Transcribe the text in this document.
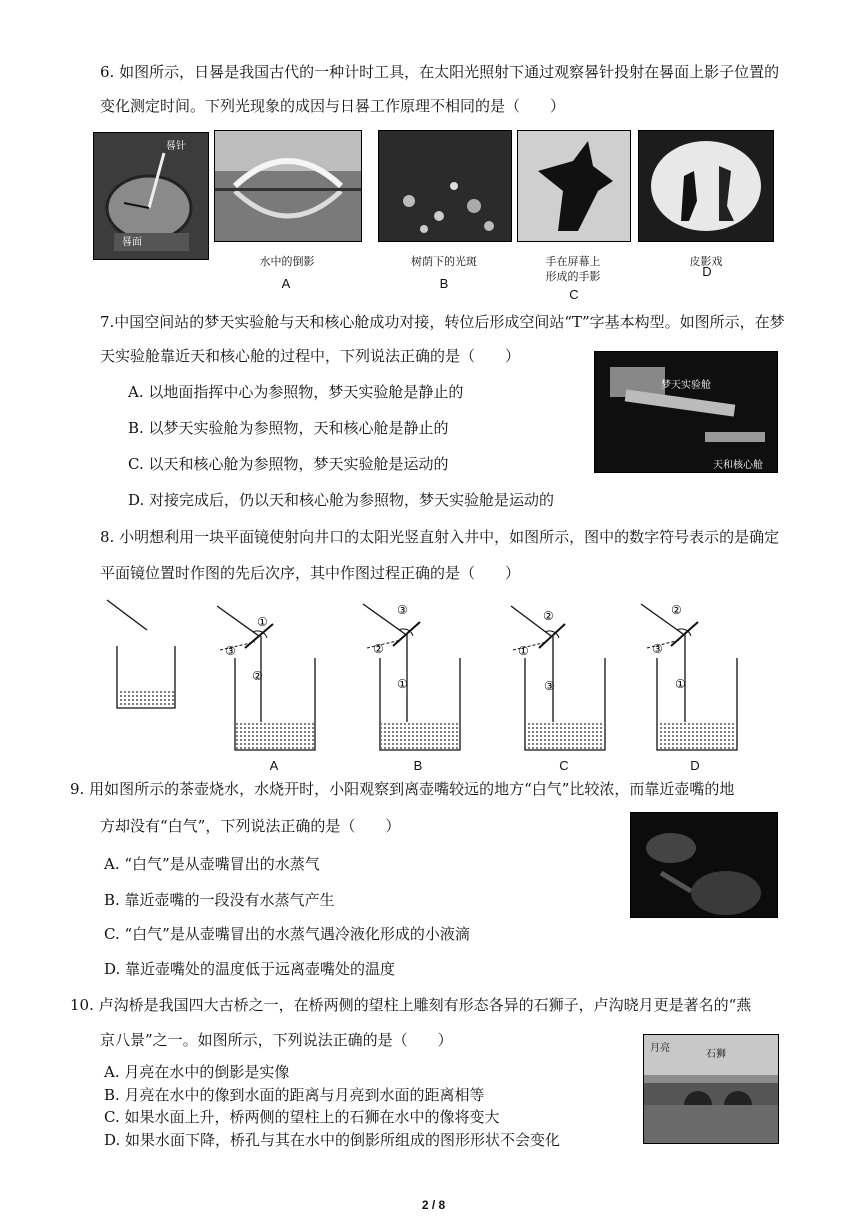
6. 如图所示，日晷是我国古代的一种计时工具，在太阳光照射下通过观察晷针投射在晷面上影子位置的
变化测定时间。下列光现象的成因与日晷工作原理不相同的是（　　）
晷针
晷面
水中的倒影	树荫下的光斑	手在屏幕上
形成的手影
皮影戏
A	B
C
D
7.中国空间站的梦天实验舱与天和核心舱成功对接，转位后形成空间站“T”字基本构型。如图所示，在梦
天实验舱靠近天和核心舱的过程中，下列说法正确的是（　　）
A. 以地面指挥中心为参照物，梦天实验舱是静止的
B. 以梦天实验舱为参照物，天和核心舱是静止的
C. 以天和核心舱为参照物，梦天实验舱是运动的
D. 对接完成后，仍以天和核心舱为参照物，梦天实验舱是运动的
梦天实验舱
天和核心舱
8. 小明想利用一块平面镜使射向井口的太阳光竖直射入井中，如图所示，图中的数字符号表示的是确定
平面镜位置时作图的先后次序，其中作图过程正确的是（　　）
①
③
②
③
②
①
②
①
③
②
③
①
A	B	C	D
9. 用如图所示的茶壶烧水，水烧开时，小阳观察到离壶嘴较远的地方“白气”比较浓，而靠近壶嘴的地
方却没有“白气”，下列说法正确的是（　　）
A. “白气”是从壶嘴冒出的水蒸气
B. 靠近壶嘴的一段没有水蒸气产生
C. “白气”是从壶嘴冒出的水蒸气遇冷液化形成的小液滴
D. 靠近壶嘴处的温度低于远离壶嘴处的温度
10. 卢沟桥是我国四大古桥之一，在桥两侧的望柱上雕刻有形态各异的石狮子，卢沟晓月更是著名的“燕
京八景”之一。如图所示，下列说法正确的是（　　）
A. 月亮在水中的倒影是实像
B. 月亮在水中的像到水面的距离与月亮到水面的距离相等
C. 如果水面上升，桥两侧的望柱上的石狮在水中的像将变大
D. 如果水面下降，桥孔与其在水中的倒影所组成的图形形状不会变化
月亮
石狮
2 / 8
